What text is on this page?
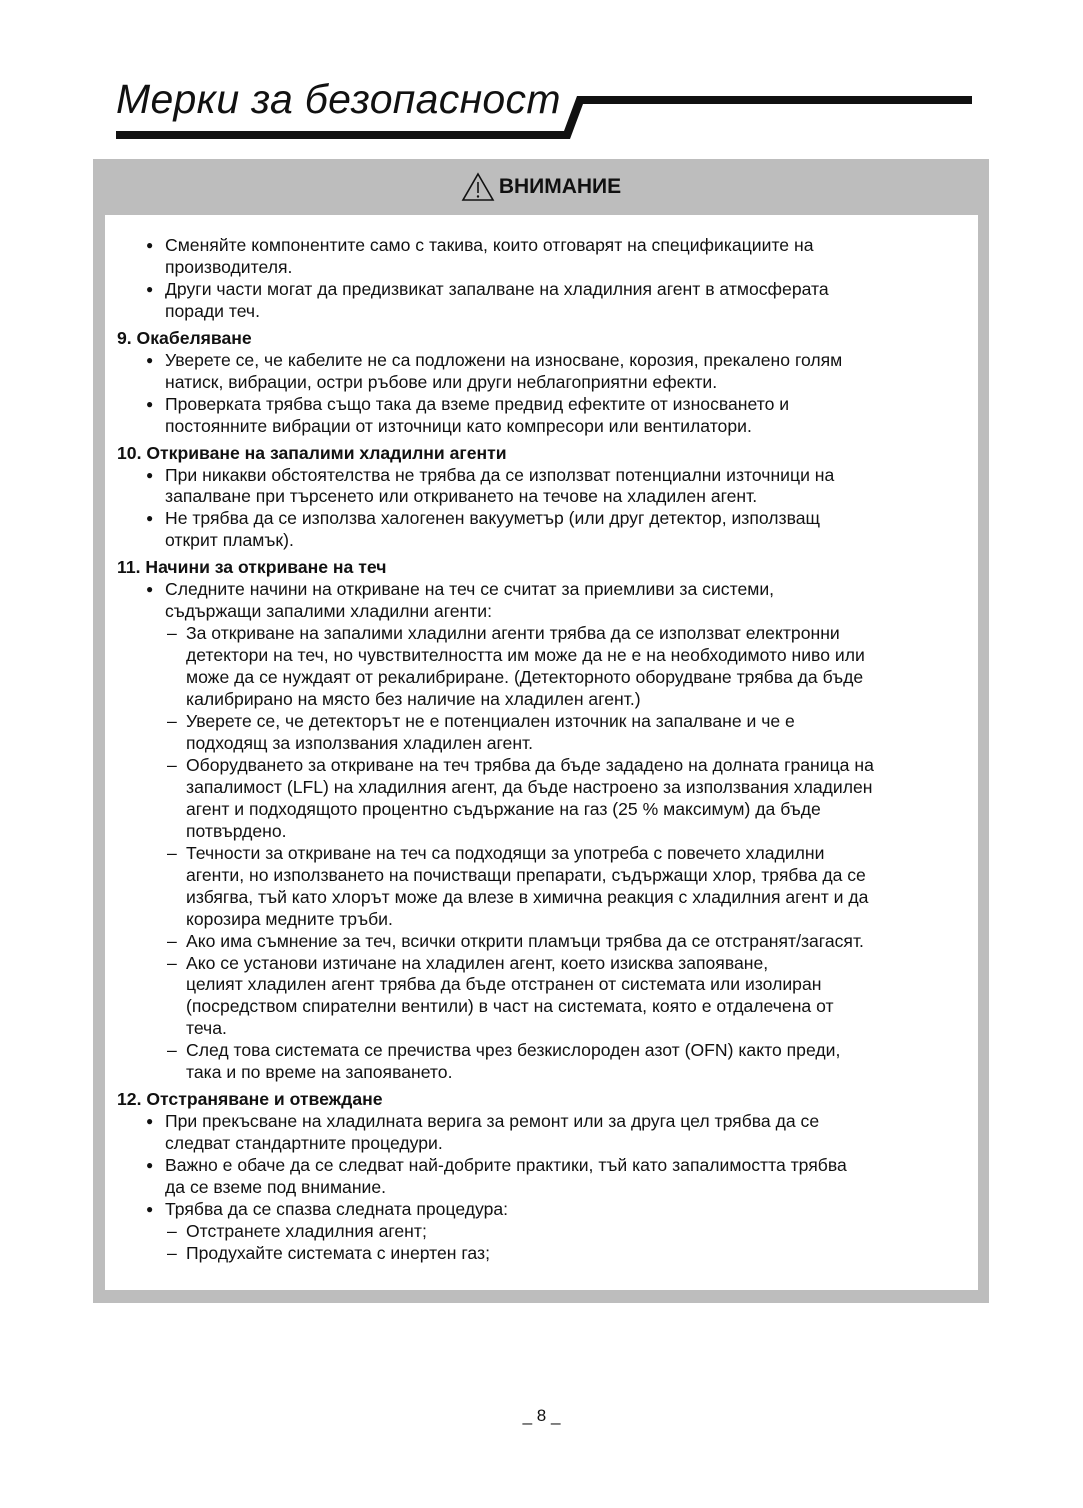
Мерки за безопасност
ВНИМАНИЕ
● Сменяйте компонентите само с такива, които отговарят на спецификациите на
производителя.
● Други части могат да предизвикат запалване на хладилния агент в атмосферата
поради теч.
9. Окабеляване
● Уверете се, че кабелите не са подложени на износване, корозия, прекалено голям
натиск, вибрации, остри ръбове или други неблагоприятни ефекти.
● Проверката трябва също така да вземе предвид ефектите от износването и
постоянните вибрации от източници като компресори или вентилатори.
10. Откриване на запалими хладилни агенти
● При никакви обстоятелства не трябва да се използват потенциални източници на
запалване при търсенето или откриването на течове на хладилен агент.
● Не трябва да се използва халогенен вакууметър (или друг детектор, използващ
открит пламък).
11. Начини за откриване на теч
● Следните начини на откриване на теч се считат за приемливи за системи,
съдържащи запалими хладилни агенти:
– За откриване на запалими хладилни агенти трябва да се използват електронни
детектори на теч, но чувствителността им може да не е на необходимото ниво или
може да се нуждаят от рекалибриране. (Детекторното оборудване трябва да бъде
калибрирано на място без наличие на хладилен агент.)
– Уверете се, че детекторът не е потенциален източник на запалване и че е
подходящ за използвания хладилен агент.
– Оборудването за откриване на теч трябва да бъде зададено на долната граница на
запалимост (LFL) на хладилния агент, да бъде настроено за използвания хладилен
агент и подходящото процентно съдържание на газ (25 % максимум) да бъде
потвърдено.
– Течности за откриване на теч са подходящи за употреба с повечето хладилни
агенти, но използването на почистващи препарати, съдържащи хлор, трябва да се
избягва, тъй като хлорът може да влезе в химична реакция с хладилния агент и да
корозира медните тръби.
– Ако има съмнение за теч, всички открити пламъци трябва да се отстранят/загасят.
– Ако се установи изтичане на хладилен агент, което изисква запояване,
целият хладилен агент трябва да бъде отстранен от системата или изолиран
(посредством спирателни вентили) в част на системата, която е отдалечена от
теча.
– След това системата се пречиства чрез безкислороден азот (OFN) както преди,
така и по време на запояването.
12. Отстраняване и отвеждане
● При прекъсване на хладилната верига за ремонт или за друга цел трябва да се
следват стандартните процедури.
● Важно е обаче да се следват най-добрите практики, тъй като запалимостта трябва
да се вземе под внимание.
● Трябва да се спазва следната процедура:
– Отстранете хладилния агент;
– Продухайте системата с инертен газ;
_ 8 _
